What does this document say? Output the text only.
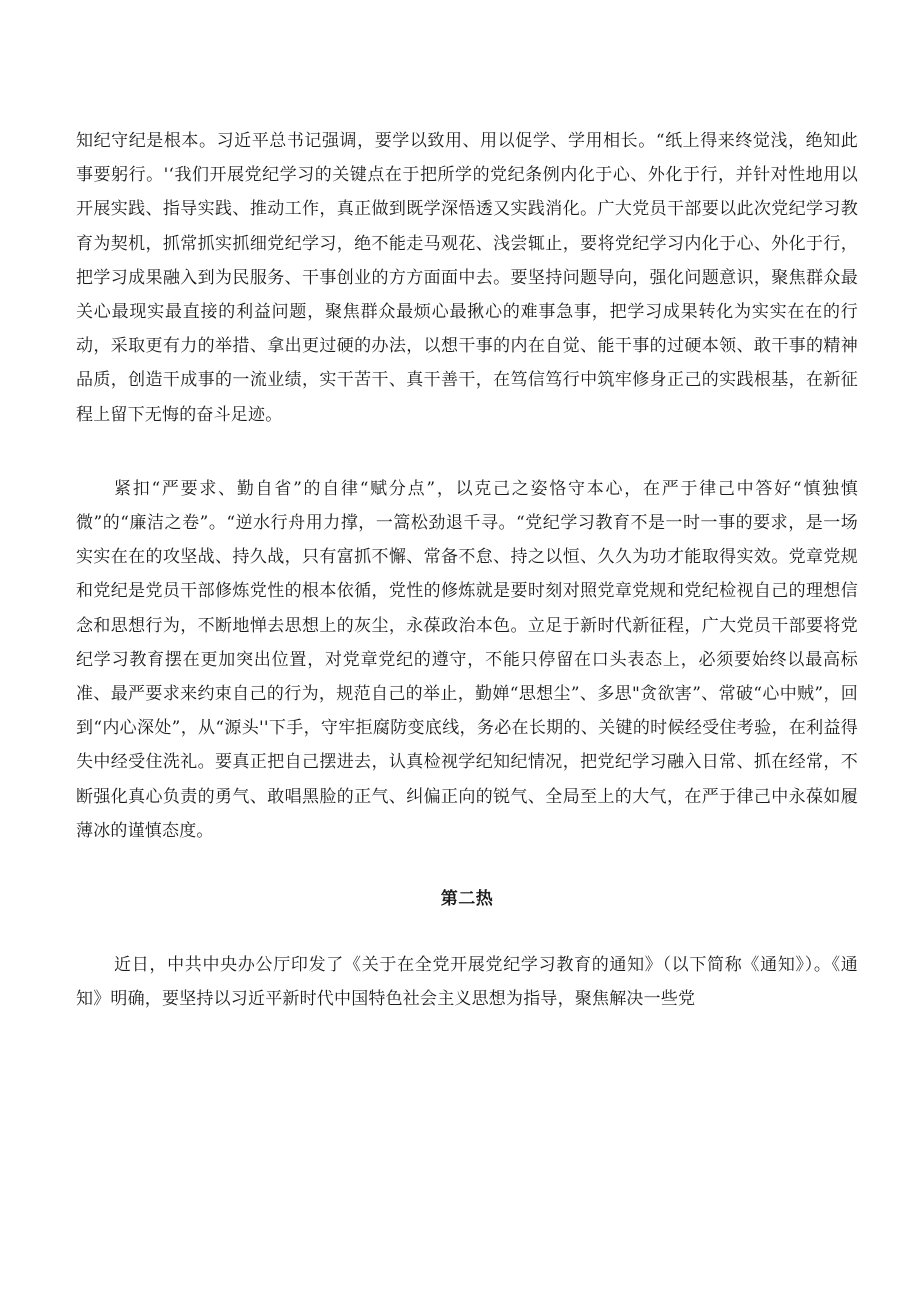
知纪守纪是根本。习近平总书记强调，要学以致用、用以促学、学用相长。“纸上得来终觉浅，绝知此事要躬行。'‘我们开展党纪学习的关键点在于把所学的党纪条例内化于心、外化于行，并针对性地用以开展实践、指导实践、推动工作，真正做到既学深悟透又实践消化。广大党员干部要以此次党纪学习教育为契机，抓常抓实抓细党纪学习，绝不能走马观花、浅尝辄止，要将党纪学习内化于心、外化于行，把学习成果融入到为民服务、干事创业的方方面面中去。要坚持问题导向，强化问题意识，聚焦群众最关心最现实最直接的利益问题，聚焦群众最烦心最揪心的难事急事，把学习成果转化为实实在在的行动，采取更有力的举措、拿出更过硬的办法，以想干事的内在自觉、能干事的过硬本领、敢干事的精神品质，创造干成事的一流业绩，实干苦干、真干善干，在笃信笃行中筑牢修身正己的实践根基，在新征程上留下无悔的奋斗足迹。

紧扣“严要求、勤自省”的自律“赋分点”，以克己之姿恪守本心，在严于律己中答好“慎独慎微”的“廉洁之卷”。“逆水行舟用力撑，一篙松劲退千寻。“党纪学习教育不是一时一事的要求，是一场实实在在的攻坚战、持久战，只有富抓不懈、常备不怠、持之以恒、久久为功才能取得实效。党章党规和党纪是党员干部修炼党性的根本依循，党性的修炼就是要时刻对照党章党规和党纪检视自己的理想信念和思想行为，不断地惮去思想上的灰尘，永葆政治本色。立足于新时代新征程，广大党员干部要将党纪学习教育摆在更加突出位置，对党章党纪的遵守，不能只停留在口头表态上，必须要始终以最高标准、最严要求来约束自己的行为，规范自己的举止，勤婵“思想尘”、多思"贪欲害”、常破“心中贼”，回到“内心深处”，从“源头''下手，守牢拒腐防变底线，务必在长期的、关键的时候经受住考验，在利益得失中经受住洗礼。要真正把自己摆进去，认真检视学纪知纪情况，把党纪学习融入日常、抓在经常，不断强化真心负责的勇气、敢唱黑脸的正气、纠偏正向的锐气、全局至上的大气，在严于律己中永葆如履薄冰的谨慎态度。

第二热

近日，中共中央办公厅印发了《关于在全党开展党纪学习教育的通知》（以下简称《通知》）。《通知》明确，要坚持以习近平新时代中国特色社会主义思想为指导，聚焦解决一些党
